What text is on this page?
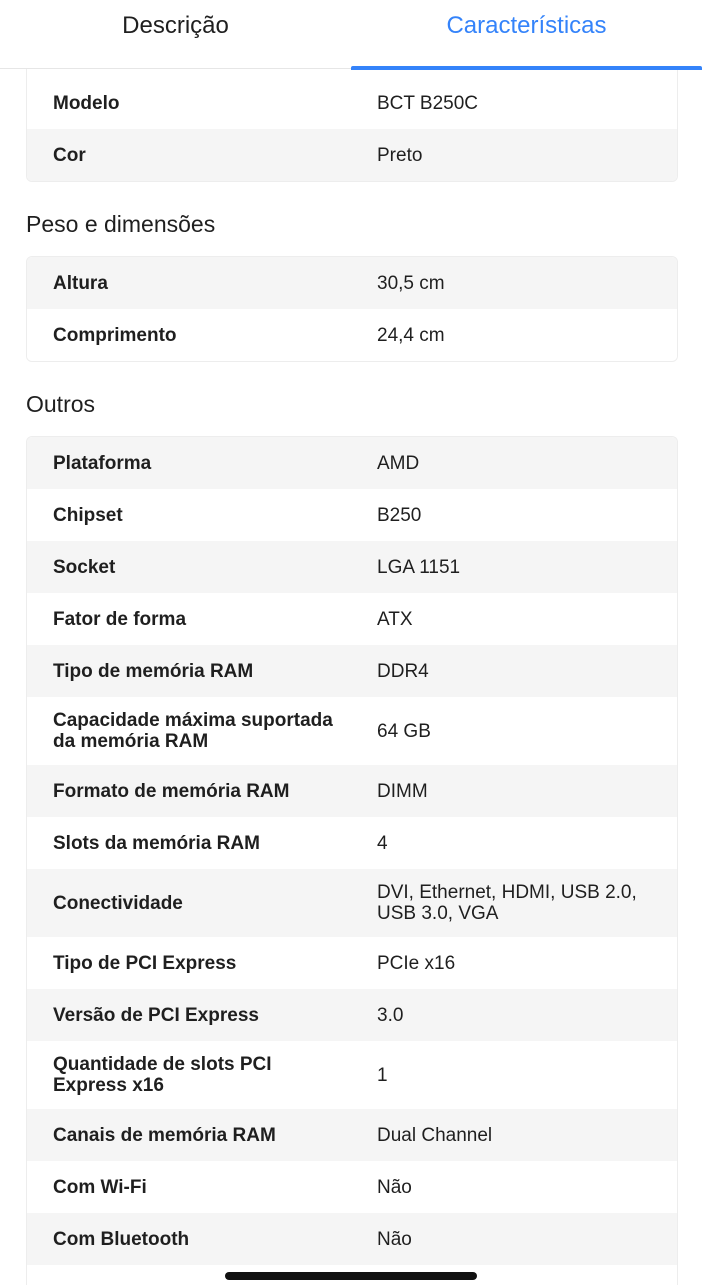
Descrição	Características
Modelo	BCT B250C
Cor	Preto
Peso e dimensões
Altura	30,5 cm
Comprimento	24,4 cm
Outros
Plataforma	AMD
Chipset	B250
Socket	LGA 1151
Fator de forma	ATX
Tipo de memória RAM	DDR4
Capacidade máxima suportada da memória RAM	64 GB
Formato de memória RAM	DIMM
Slots da memória RAM	4
Conectividade	DVI, Ethernet, HDMI, USB 2.0, USB 3.0, VGA
Tipo de PCI Express	PCIe x16
Versão de PCI Express	3.0
Quantidade de slots PCI Express x16	1
Canais de memória RAM	Dual Channel
Com Wi-Fi	Não
Com Bluetooth	Não
